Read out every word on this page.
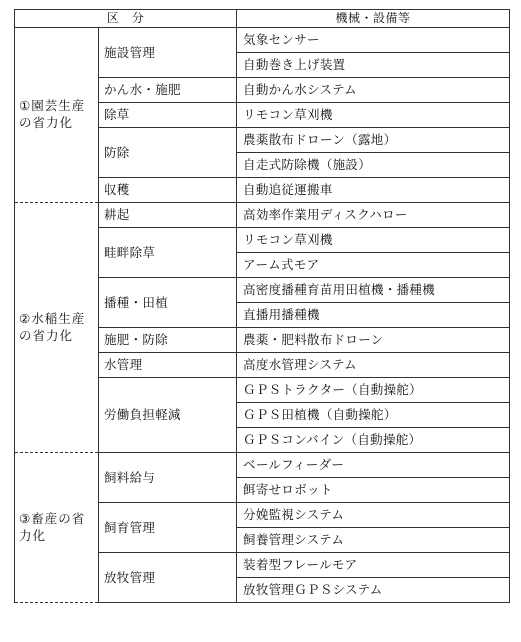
区　分		機械・設備等
①園芸生産の省力化	施設管理	気象センサー
		自動巻き上げ装置
	かん水・施肥	自動かん水システム
	除草	リモコン草刈機
	防除	農薬散布ドローン（露地）
		自走式防除機（施設）
	収穫	自動追従運搬車
②水稲生産の省力化	耕起	高効率作業用ディスクハロー
	畦畔除草	リモコン草刈機
		アーム式モア
	播種・田植	高密度播種育苗用田植機・播種機
		直播用播種機
	施肥・防除	農薬・肥料散布ドローン
	水管理	高度水管理システム
	労働負担軽減	ＧＰＳトラクター（自動操舵）
		ＧＰＳ田植機（自動操舵）
		ＧＰＳコンバイン（自動操舵）
③畜産の省力化	飼料給与	ベールフィーダー
		餌寄せロボット
	飼育管理	分娩監視システム
		飼養管理システム
	放牧管理	装着型フレールモア
		放牧管理ＧＰＳシステム
